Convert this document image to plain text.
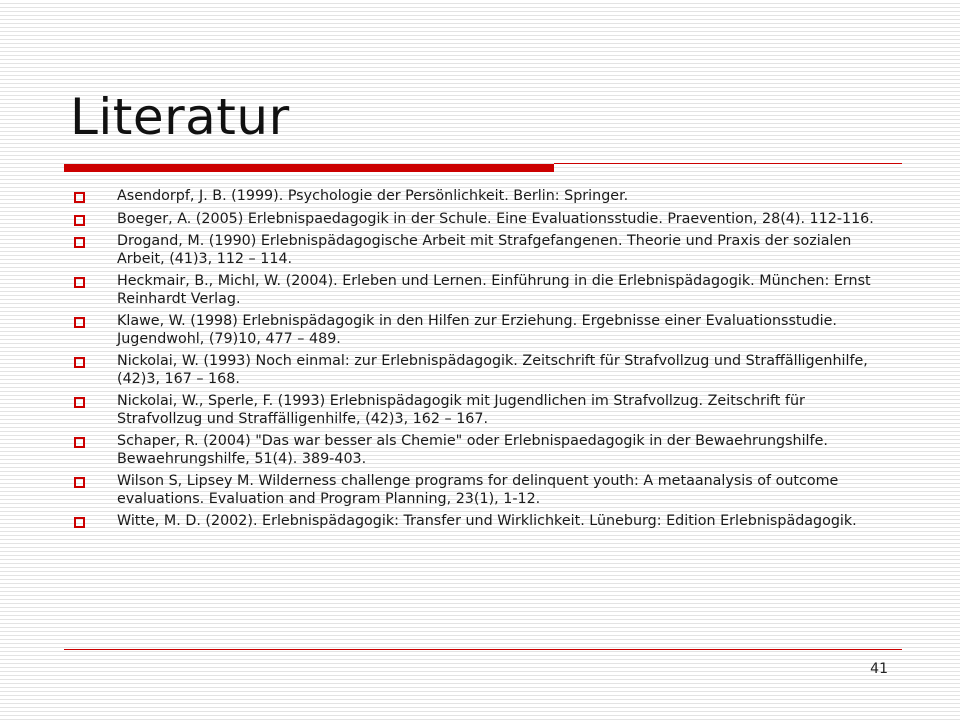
Literatur
Asendorpf, J. B. (1999). Psychologie der Persönlichkeit. Berlin: Springer.
Boeger, A. (2005) Erlebnispaedagogik in der Schule. Eine Evaluationsstudie. Praevention, 28(4). 112-116.
Drogand, M. (1990) Erlebnispädagogische Arbeit mit Strafgefangenen. Theorie und Praxis der sozialen Arbeit, (41)3, 112 – 114.
Heckmair, B., Michl, W. (2004). Erleben und Lernen. Einführung in die Erlebnispädagogik. München: Ernst Reinhardt Verlag.
Klawe, W. (1998) Erlebnispädagogik in den Hilfen zur Erziehung. Ergebnisse einer Evaluationsstudie. Jugendwohl, (79)10, 477 – 489.
Nickolai, W. (1993) Noch einmal: zur Erlebnispädagogik. Zeitschrift für Strafvollzug und Straffälligenhilfe, (42)3, 167 – 168.
Nickolai, W., Sperle, F. (1993) Erlebnispädagogik mit Jugendlichen im Strafvollzug. Zeitschrift für Strafvollzug und Straffälligenhilfe, (42)3, 162 – 167.
Schaper, R. (2004) "Das war besser als Chemie" oder Erlebnispaedagogik in der Bewaehrungshilfe. Bewaehrungshilfe, 51(4). 389-403.
Wilson S, Lipsey M. Wilderness challenge programs for delinquent youth: A metaanalysis of outcome evaluations. Evaluation and Program Planning, 23(1), 1-12.
Witte, M. D. (2002). Erlebnispädagogik: Transfer und Wirklichkeit. Lüneburg: Edition Erlebnispädagogik.
41
